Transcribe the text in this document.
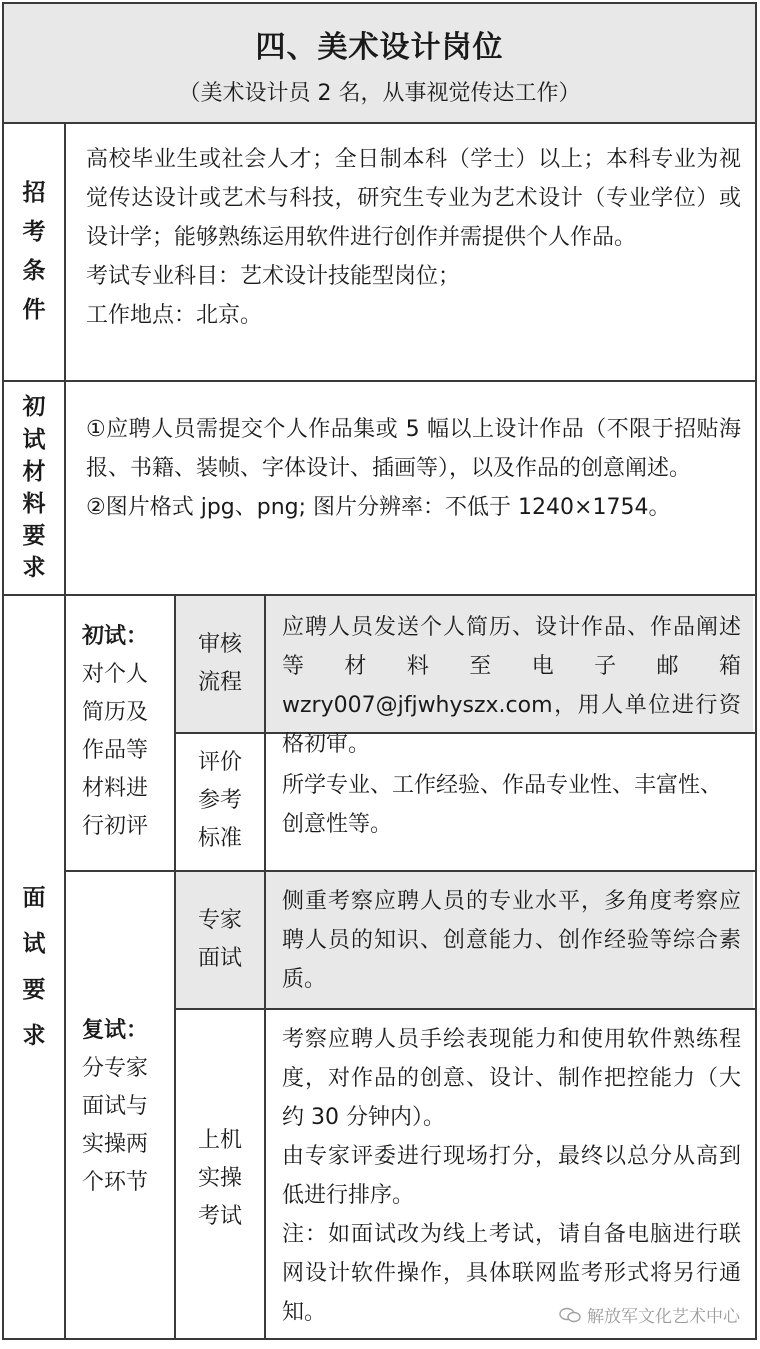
四、美术设计岗位
（美术设计员 2 名，从事视觉传达工作）
招
考
条
件

高校毕业生或社会人才；全日制本科（学士）以上；本科专业为视觉传达设计或艺术与科技，研究生专业为艺术设计（专业学位）或设计学；能够熟练运用软件进行创作并需提供个人作品。

考试专业科目：艺术设计技能型岗位；

工作地点：北京。

初
试
材
料
要
求

①应聘人员需提交个人作品集或 5 幅以上设计作品（不限于招贴海报、书籍、装帧、字体设计、插画等），以及作品的创意阐述。

②图片格式 jpg、png; 图片分辨率：不低于 1240×1754。

面
试
要
求
初试：
对个人简历及作品等材料进行初评
审核流程
应聘人员发送个人简历、设计作品、作品阐述等材料至电子邮箱 wzry007@jfjwhyszx.com，用人单位进行资格初审。
评价参考标准
所学专业、工作经验、作品专业性、丰富性、创意性等。
复试：
分专家面试与实操两个环节
专家面试
侧重考察应聘人员的专业水平，多角度考察应聘人员的知识、创意能力、创作经验等综合素质。
上机实操考试

考察应聘人员手绘表现能力和使用软件熟练程度，对作品的创意、设计、制作把控能力（大约 30 分钟内）。

由专家评委进行现场打分，最终以总分从高到低进行排序。

注：如面试改为线上考试，请自备电脑进行联网设计软件操作，具体联网监考形式将另行通知。	解放军文化艺术中心
